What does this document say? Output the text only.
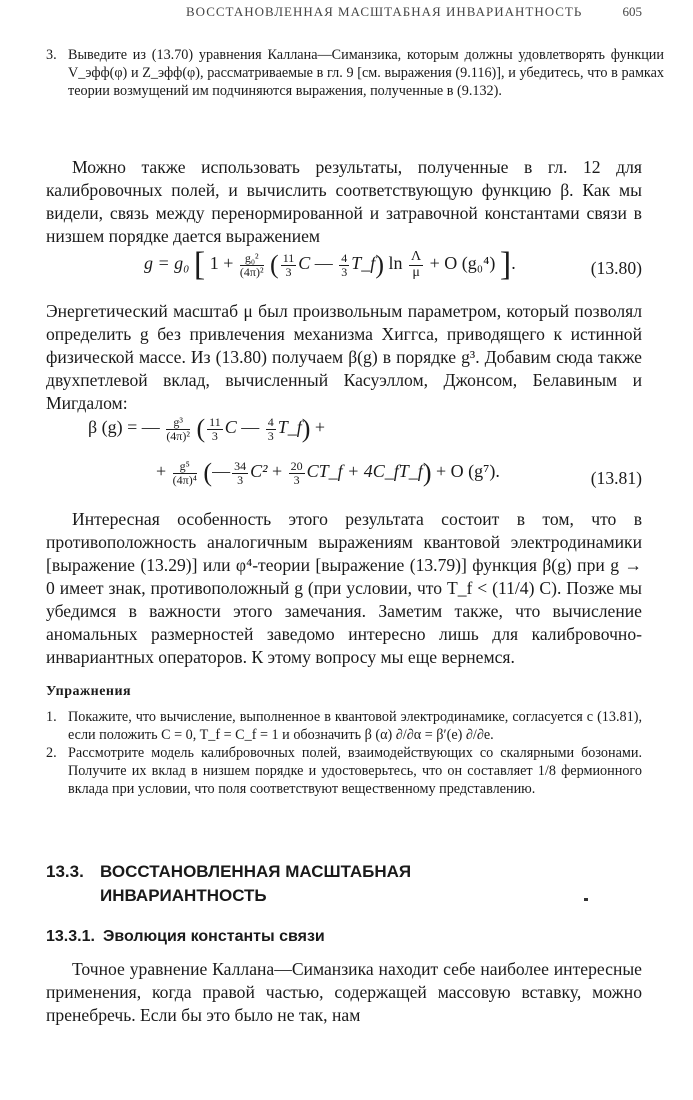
ВОССТАНОВЛЕННАЯ МАСШТАБНАЯ ИНВАРИАНТНОСТЬ	605
3. Выведите из (13.70) уравнения Каллана—Симанзика, которым должны удовлетворять функции V_эфф(φ) и Z_эфф(φ), рассматриваемые в гл. 9 [см. выражения (9.116)], и убедитесь, что в рамках теории возмущений им подчиняются выражения, полученные в (9.132).
Можно также использовать результаты, полученные в гл. 12 для калибровочных полей, и вычислить соответствующую функцию β. Как мы видели, связь между перенормированной и затравочной константами связи в низшем порядке дается выражением
g = g₀ [ $1 + \frac{\text{g₀²}}{\text{(4π)²}}$ ( $\frac{11}{3}$ C — $\frac{4}{3}$ T_f) $\ln \frac{\Lambda}{\mu} + O$ (g₀⁴) ].	(13.80)
Энергетический масштаб μ был произвольным параметром, который позволял определить g без привлечения механизма Хиггса, приводящего к истинной физической массе. Из (13.80) получаем β(g) в порядке g³. Добавим сюда также двухпетлевой вклад, вычисленный Касуэллом, Джонсом, Белавиным и Мигдалом:
β (g) = — $\frac{\text{g³}}{\text{(4π)²}}$ ( $\frac{11}{3}$ C — $\frac{4}{3}$ T_f) +
+ $\frac{\text{g⁵}}{\text{(4π)⁴}}$ (— $\frac{34}{3} C^2 + \frac{20}{3}$ CT_f + 4C_fT_f) + O (g⁷).	(13.81)
Интересная особенность этого результата состоит в том, что в противоположность аналогичным выражениям квантовой электродинамики [выражение (13.29)] или φ⁴-теории [выражение (13.79)] функция β(g) при g → 0 имеет знак, противоположный g (при условии, что T_f < (11/4) C). Позже мы убедимся в важности этого замечания. Заметим также, что вычисление аномальных размерностей заведомо интересно лишь для калибровочно-инвариантных операторов. К этому вопросу мы еще вернемся.
Упражнения

1. Покажите, что вычисление, выполненное в квантовой электродинамике, согласуется с (13.81), если положить C = 0, T_f = C_f = 1 и обозначить β (α) ∂/∂α = β′(e) ∂/∂e.

2. Рассмотрите модель калибровочных полей, взаимодействующих со скалярными бозонами. Получите их вклад в низшем порядке и удостоверьтесь, что он составляет 1/8 фермионного вклада при условии, что поля соответствуют вещественному представлению.

13.3. ВОССТАНОВЛЕННАЯ МАСШТАБНАЯ
ИНВАРИАНТНОСТЬ
13.3.1. Эволюция константы связи
Точное уравнение Каллана—Симанзика находит себе наиболее интересные применения, когда правой частью, содержащей массовую вставку, можно пренебречь. Если бы это было не так, нам
